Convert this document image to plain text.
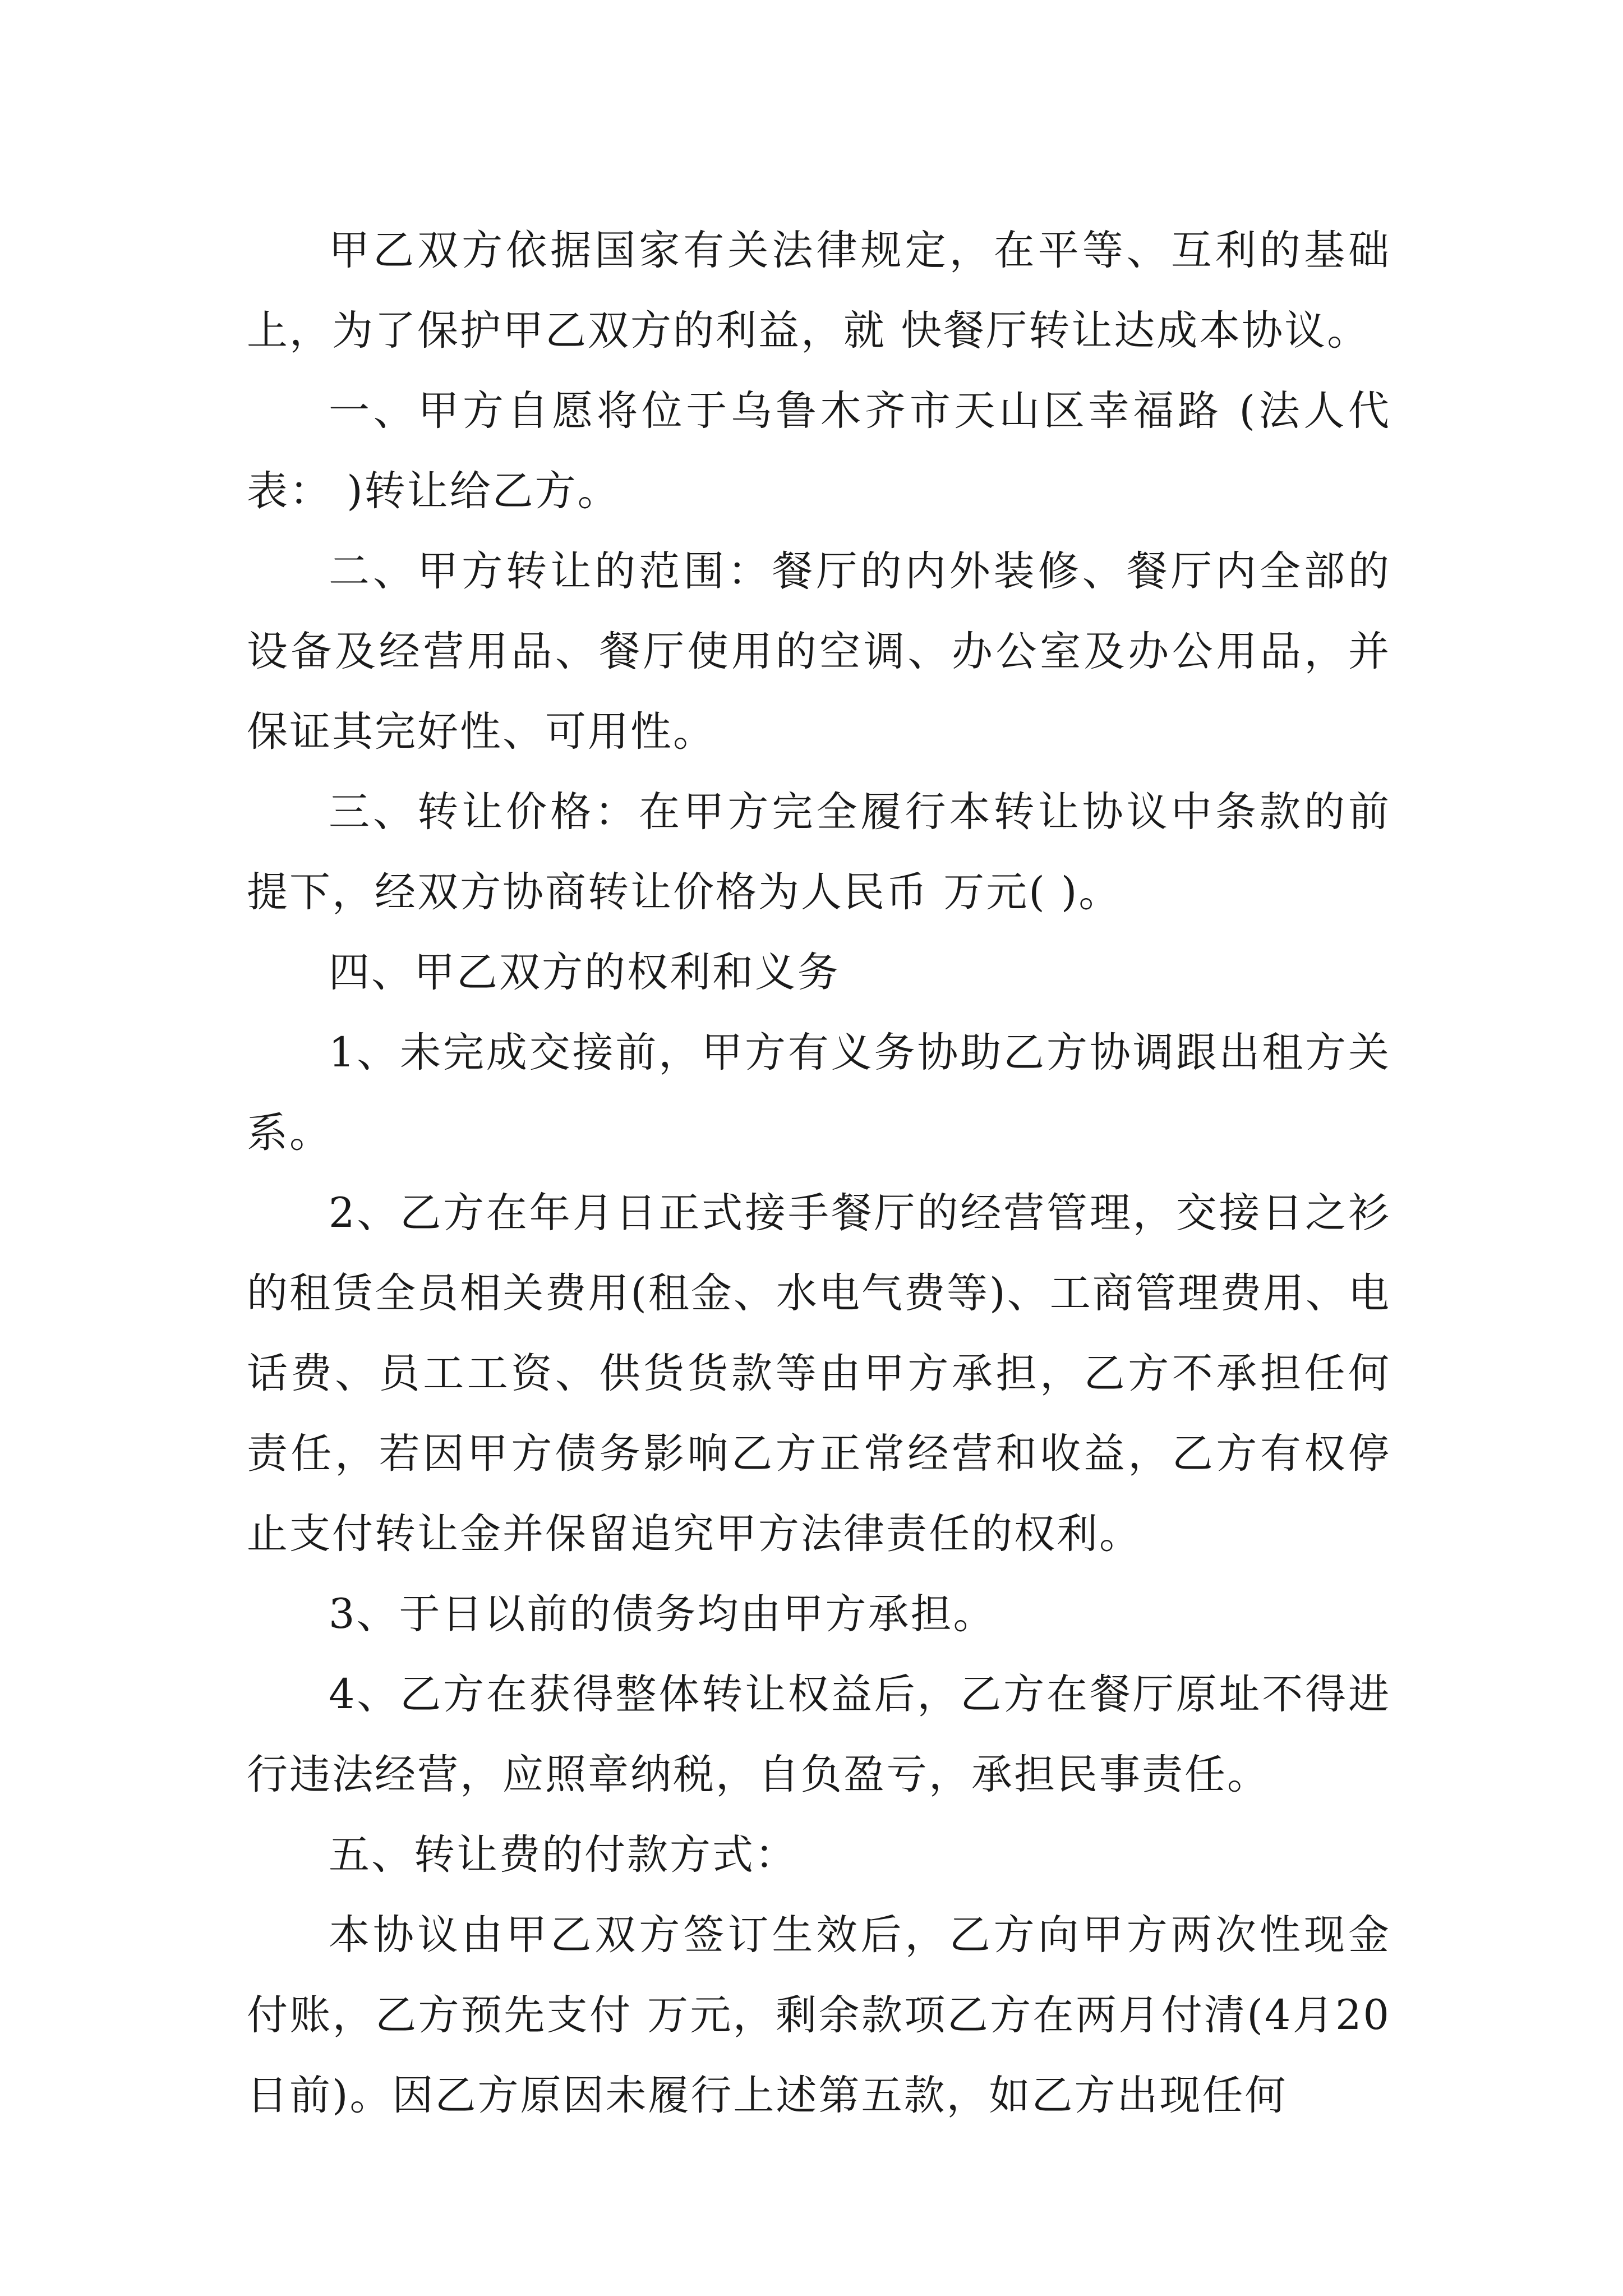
甲乙双方依据国家有关法律规定，在平等、互利的基础上，为了保护甲乙双方的利益，就 快餐厅转让达成本协议。

一、甲方自愿将位于乌鲁木齐市天山区幸福路 (法人代表： )转让给乙方。

二、甲方转让的范围：餐厅的内外装修、餐厅内全部的设备及经营用品、餐厅使用的空调、办公室及办公用品，并保证其完好性、可用性。

三、转让价格：在甲方完全履行本转让协议中条款的前提下，经双方协商转让价格为人民币 万元( )。

四、甲乙双方的权利和义务

1、未完成交接前，甲方有义务协助乙方协调跟出租方关系。

2、乙方在年月日正式接手餐厅的经营管理，交接日之衫的租赁全员相关费用(租金、水电气费等)、工商管理费用、电话费、员工工资、供货货款等由甲方承担，乙方不承担任何责任，若因甲方债务影响乙方正常经营和收益，乙方有权停止支付转让金并保留追究甲方法律责任的权利。

3、于日以前的债务均由甲方承担。

4、乙方在获得整体转让权益后，乙方在餐厅原址不得进行违法经营，应照章纳税，自负盈亏，承担民事责任。

五、转让费的付款方式：

本协议由甲乙双方签订生效后，乙方向甲方两次性现金付账，乙方预先支付 万元，剩余款项乙方在两月付清(4月20日前)。因乙方原因未履行上述第五款，如乙方出现任何
